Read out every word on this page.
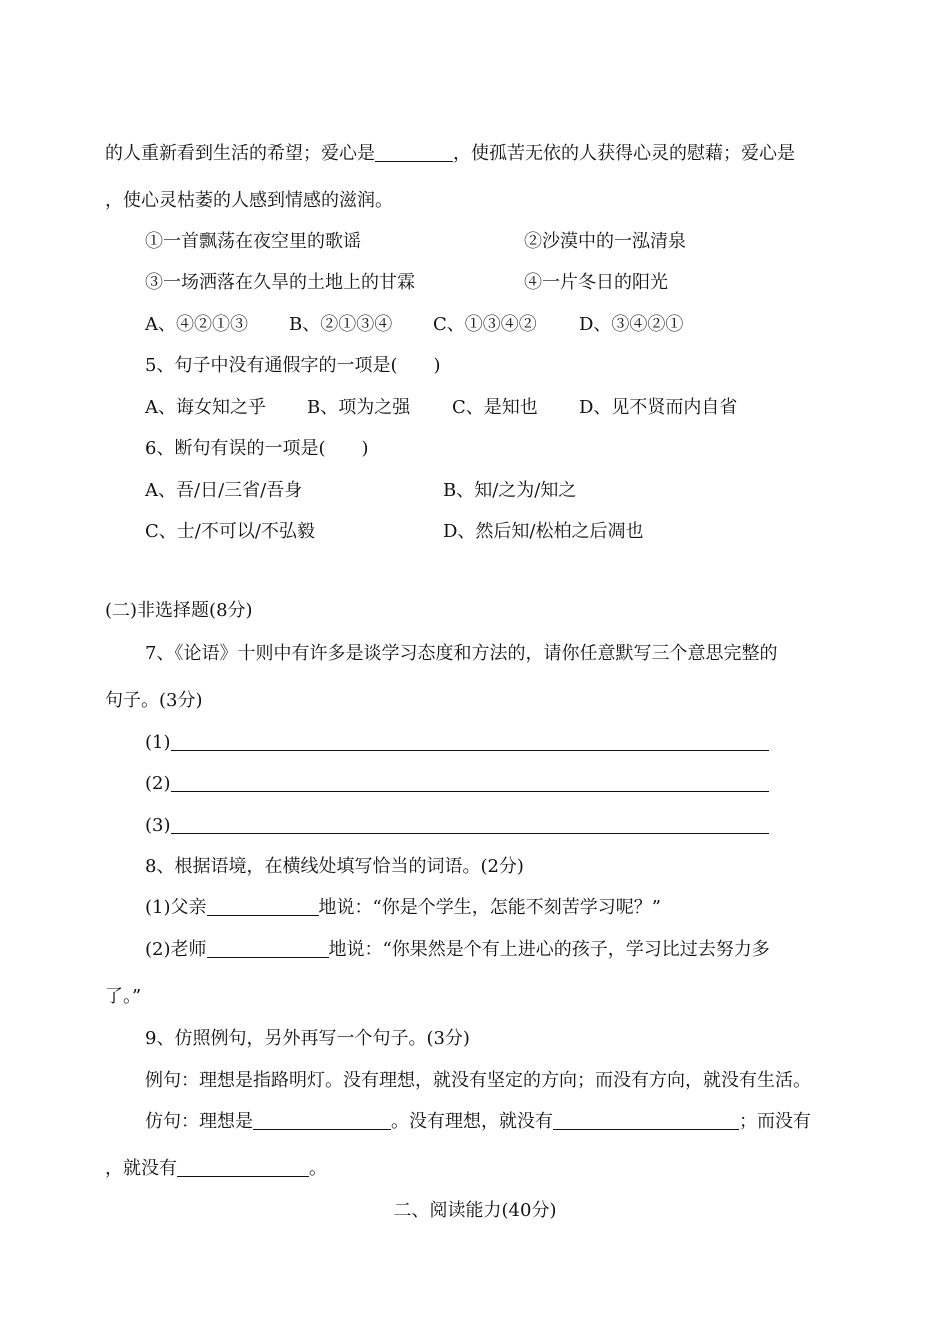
的人重新看到生活的希望；爱心是	，使孤苦无依的人获得心灵的慰藉；爱心是
，使心灵枯萎的人感到情感的滋润。
①一首飘荡在夜空里的歌谣	②沙漠中的一泓清泉
③一场洒落在久旱的土地上的甘霖	④一片冬日的阳光
A、④②①③ B、②①③④ C、①③④② D、③④②①
5、句子中没有通假字的一项是(　　)
A、诲女知之乎 B、项为之强 C、是知也 D、见不贤而内自省
6、断句有误的一项是(　　)
A、吾/日/三省/吾身	B、知/之为/知之
C、士/不可以/不弘毅	D、然后知/松柏之后凋也
(二)非选择题(8分)
7、《论语》十则中有许多是谈学习态度和方法的，请你任意默写三个意思完整的
句子。(3分)
(1)
(2)
(3)
8、根据语境，在横线处填写恰当的词语。(2分)
(1)父亲	地说：“你是个学生，怎能不刻苦学习呢？”
(2)老师	地说：“你果然是个有上进心的孩子，学习比过去努力多
了。”
9、仿照例句，另外再写一个句子。(3分)
例句：理想是指路明灯。没有理想，就没有坚定的方向；而没有方向，就没有生活。
仿句：理想是	。没有理想，就没有	；而没有
，就没有	。
二、阅读能力(40分)
